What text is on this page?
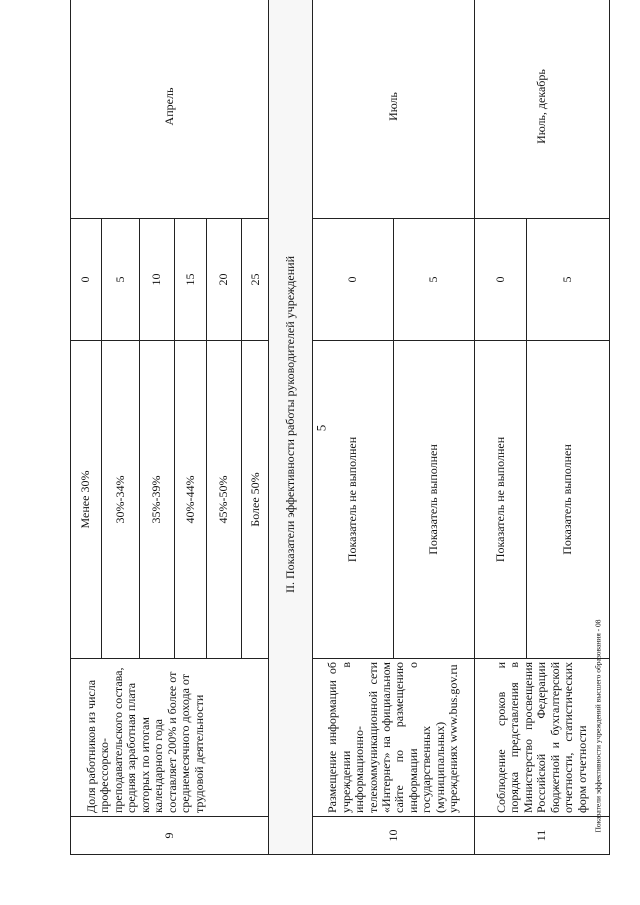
5
9	Доля работников из числа профессорско-преподавательского состава, средняя заработная плата которых по итогам календарного года составляет 200% и более от среднемесячного дохода от трудовой деятельности	Менее 30%	0	Апрель
		30%-34%	5	
		35%-39%	10	
		40%-44%	15	
		45%-50%	20	
		Более 50%	25	
II. Показатели эффективности работы руководителей учреждений				
10	Размещение информации об учреждении в информационно-телекоммуникационной сети «Интернет» на официальном сайте по размещению информации о государственных (муниципальных) учреждениях www.bus.gov.ru	Показатель не выполнен	0	Июль
		Показатель выполнен	5	
11	Соблюдение сроков и порядка представления в Министерство просвещения Российской Федерации бюджетной и бухгалтерской отчетности, статистических форм отчетности	Показатель не выполнен	0	Июль, декабрь
		Показатель выполнен	5	
Показатели эффективности учреждений высшего образования - 08
